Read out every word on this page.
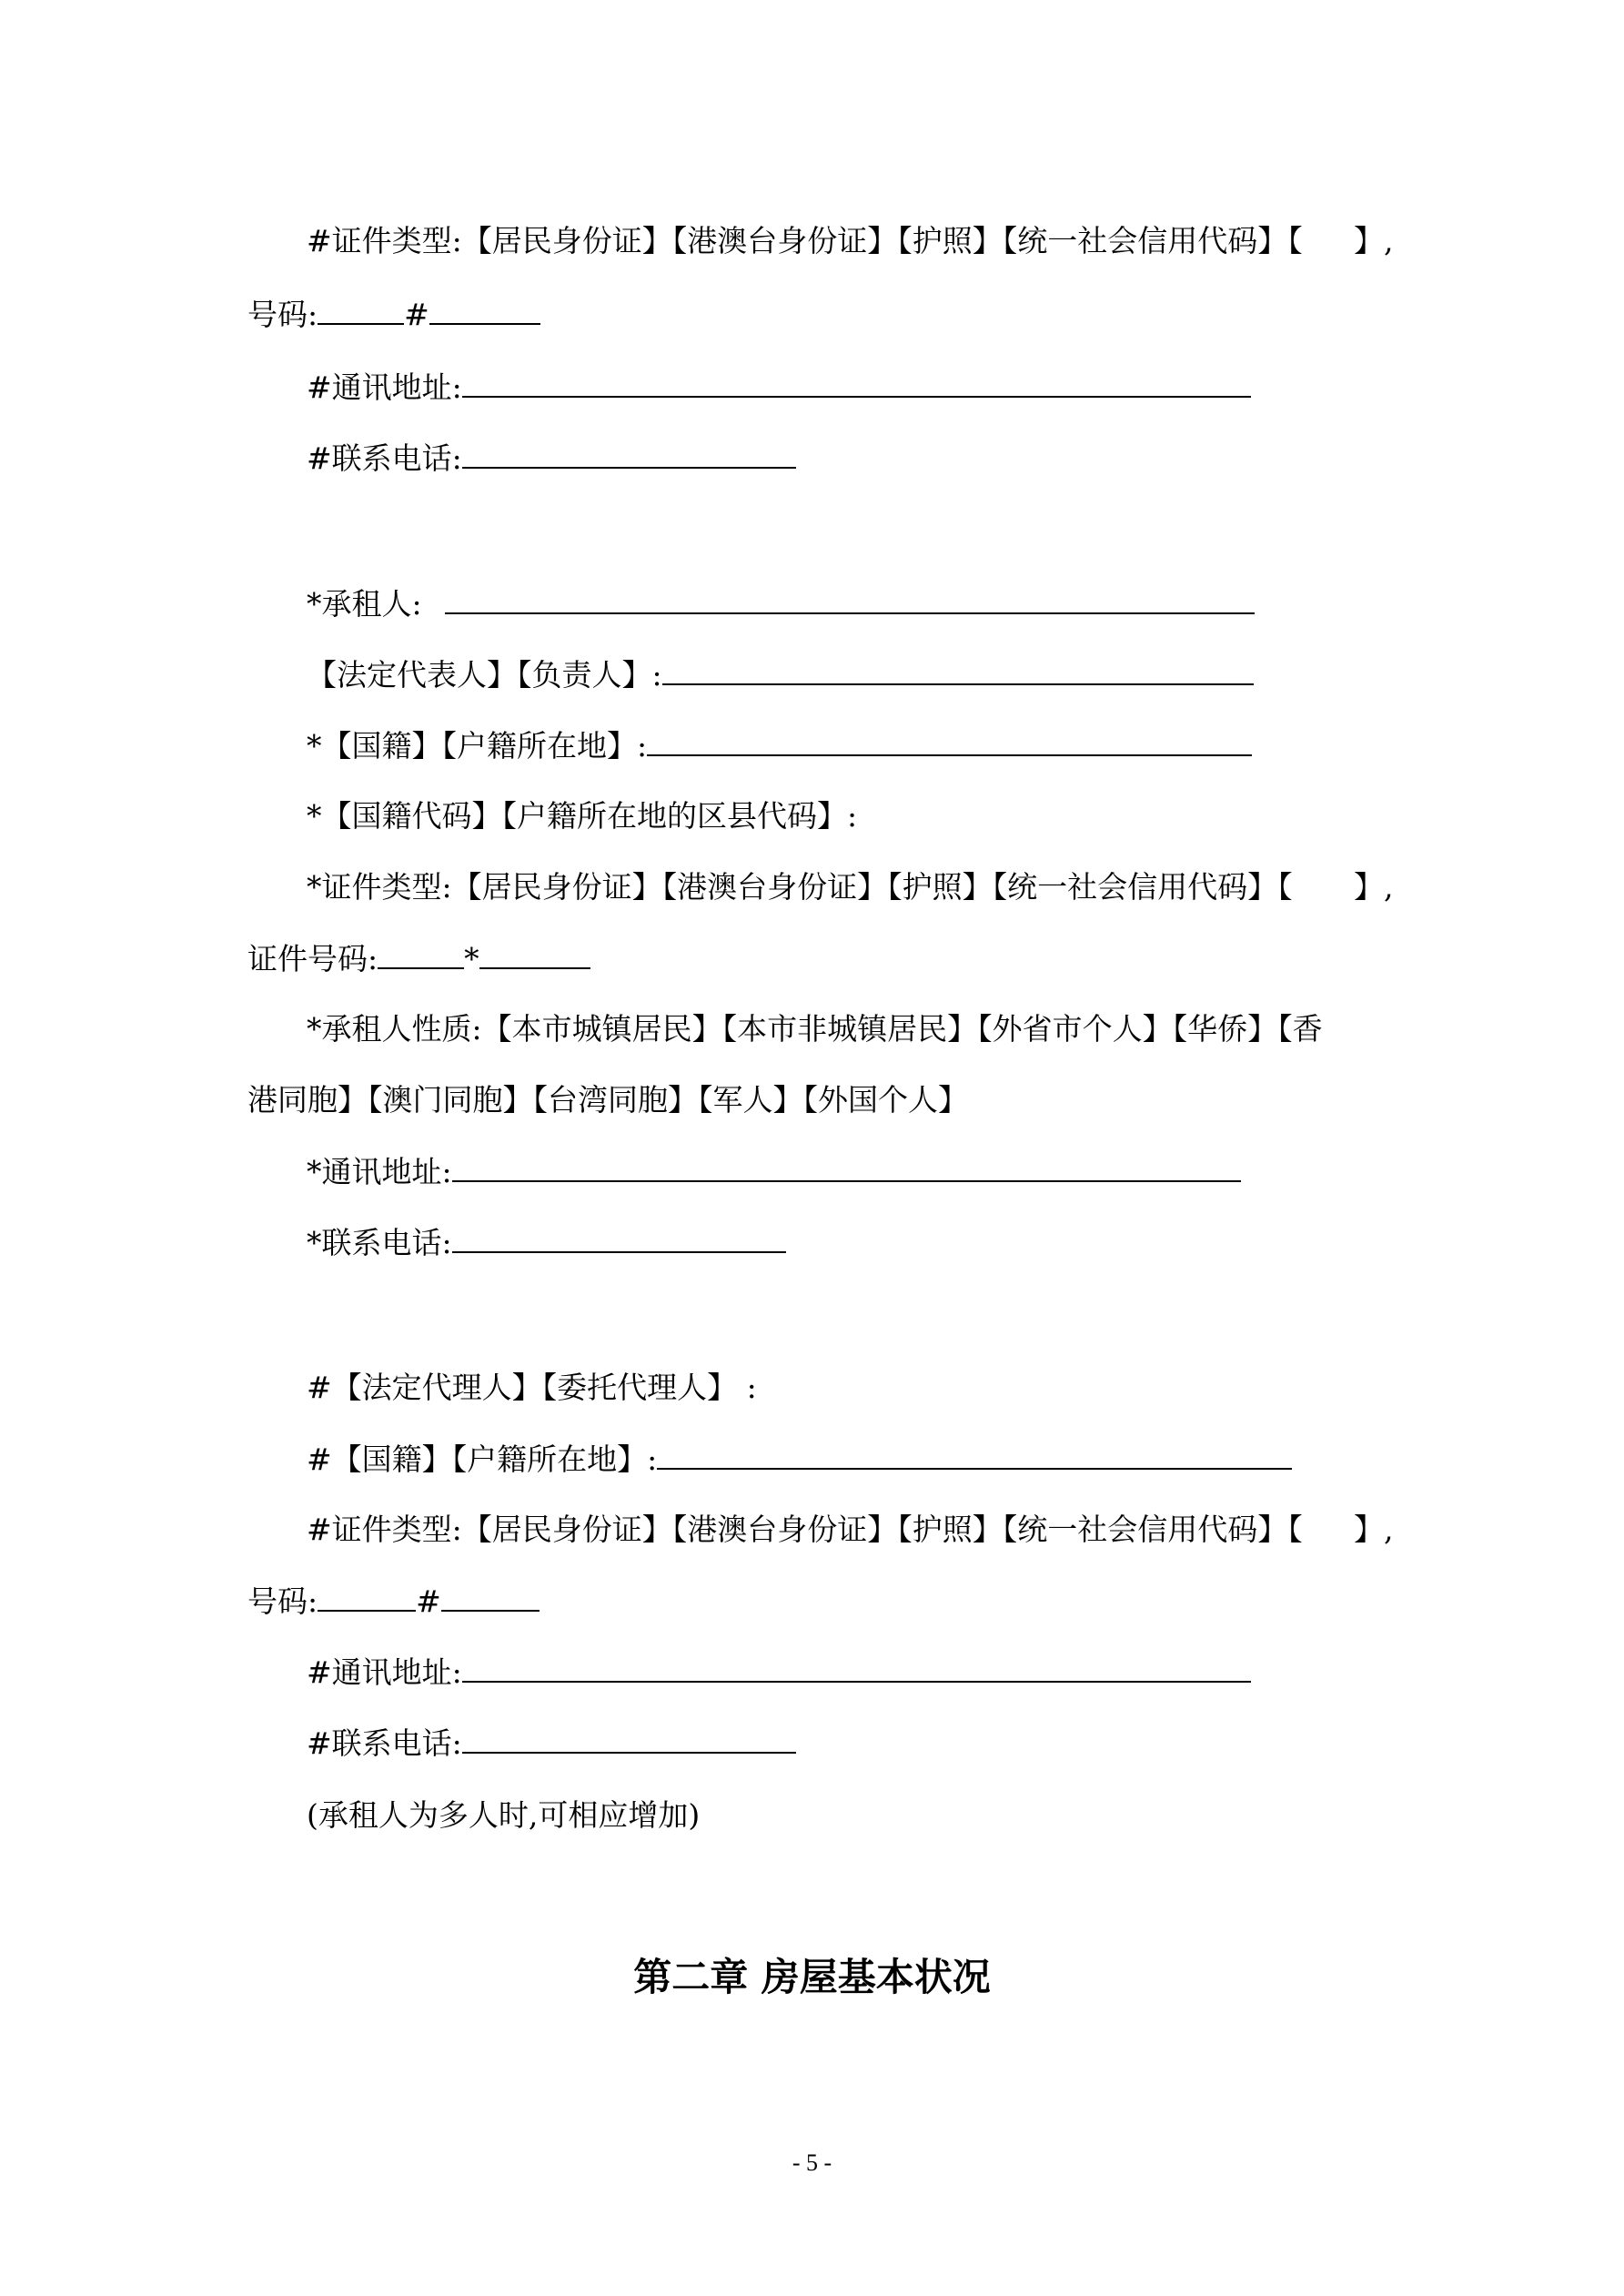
#证件类型:【居民身份证】【港澳台身份证】【护照】【统一社会信用代码】【 】,
号码:	#
#通讯地址:
#联系电话:
*承租人:
【法定代表人】【负责人】:
*【国籍】【户籍所在地】:
*【国籍代码】【户籍所在地的区县代码】:
*证件类型:【居民身份证】【港澳台身份证】【护照】【统一社会信用代码】【 】,
证件号码:	*
*承租人性质:【本市城镇居民】【本市非城镇居民】【外省市个人】【华侨】【香
港同胞】【澳门同胞】【台湾同胞】【军人】【外国个人】
*通讯地址:
*联系电话:
#【法定代理人】【委托代理人】 :
#【国籍】【户籍所在地】:
#证件类型:【居民身份证】【港澳台身份证】【护照】【统一社会信用代码】【 】,
号码:	#
#通讯地址:
#联系电话:
(承租人为多人时,可相应增加)
第二章 房屋基本状况
- 5 -
